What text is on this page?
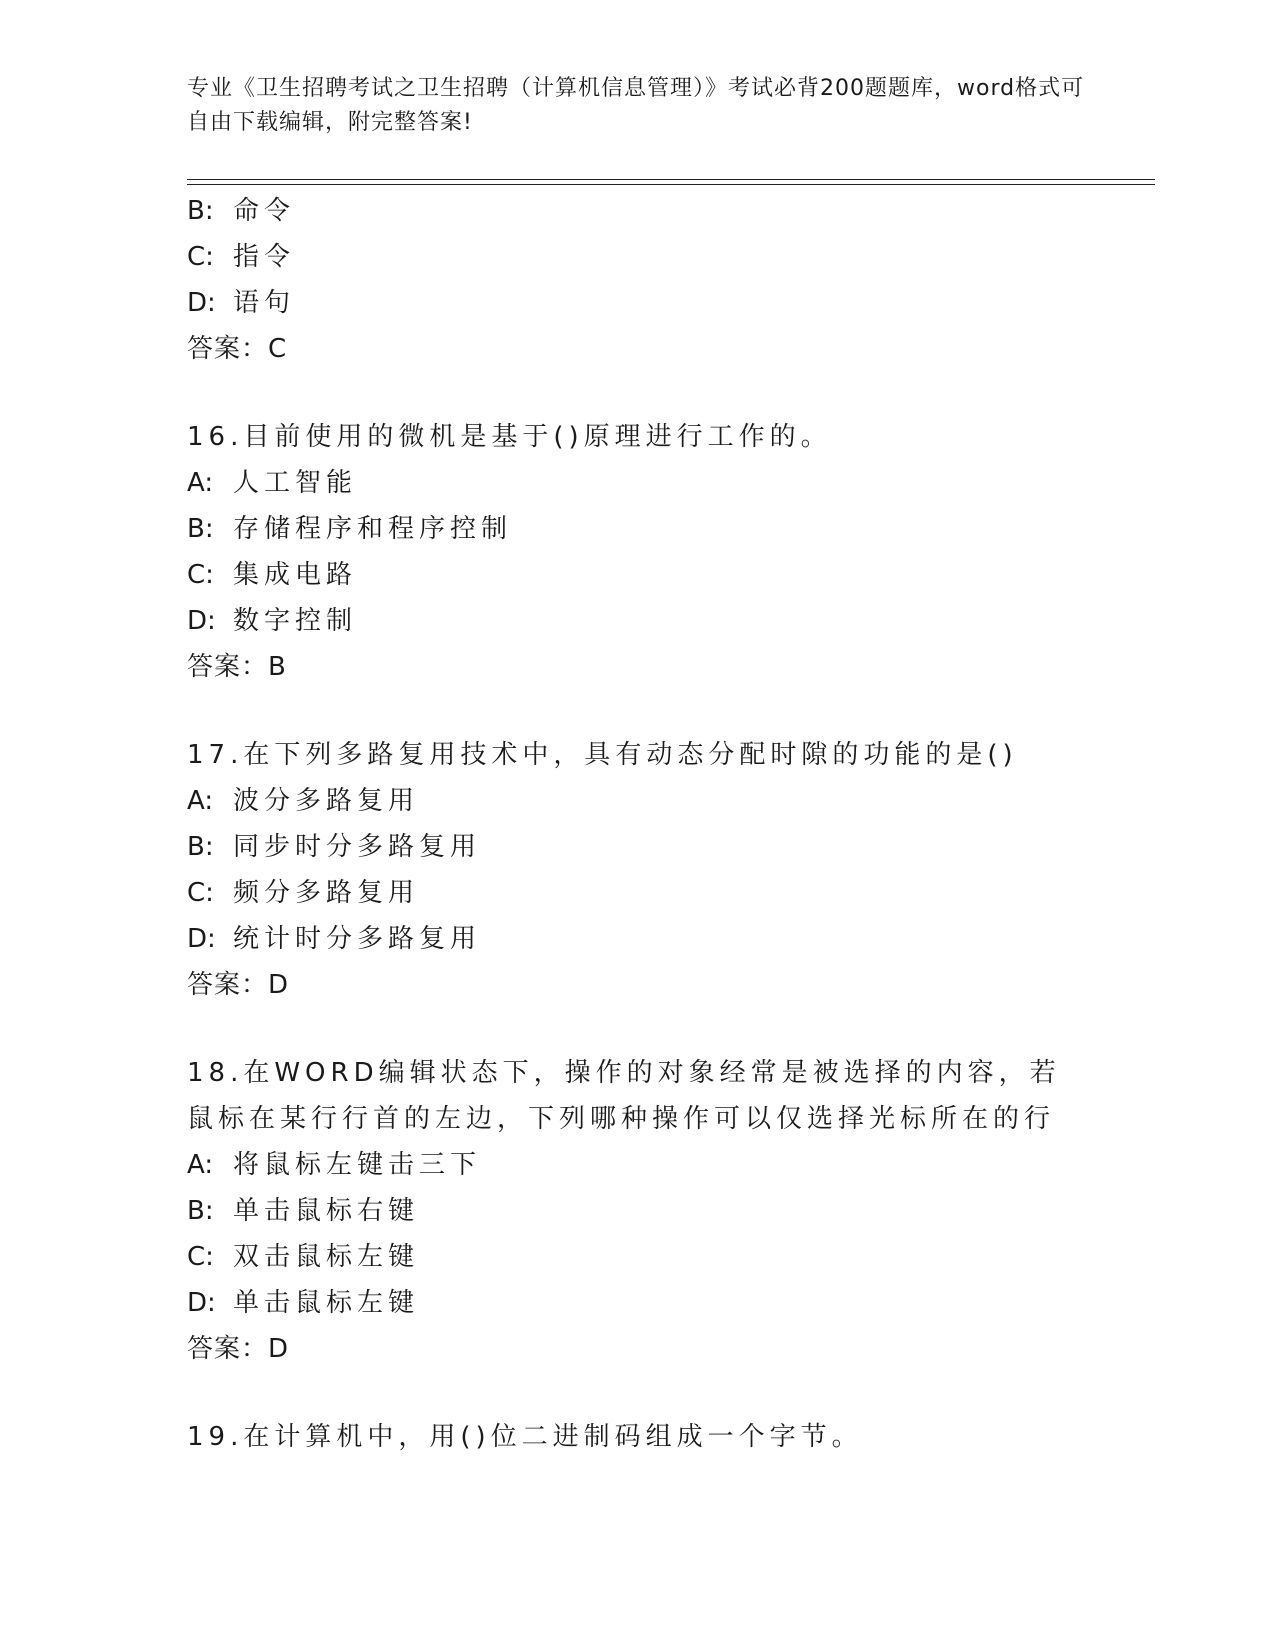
专业《卫生招聘考试之卫生招聘（计算机信息管理）》考试必背200题题库，word格式可自由下载编辑，附完整答案!
B: 命令
C: 指令
D: 语句
答案：C
16.目前使用的微机是基于()原理进行工作的。
A: 人工智能
B: 存储程序和程序控制
C: 集成电路
D: 数字控制
答案：B
17.在下列多路复用技术中，具有动态分配时隙的功能的是()
A: 波分多路复用
B: 同步时分多路复用
C: 频分多路复用
D: 统计时分多路复用
答案：D
18.在WORD编辑状态下，操作的对象经常是被选择的内容，若鼠标在某行行首的左边，下列哪种操作可以仅选择光标所在的行
A: 将鼠标左键击三下
B: 单击鼠标右键
C: 双击鼠标左键
D: 单击鼠标左键
答案：D
19.在计算机中，用()位二进制码组成一个字节。
